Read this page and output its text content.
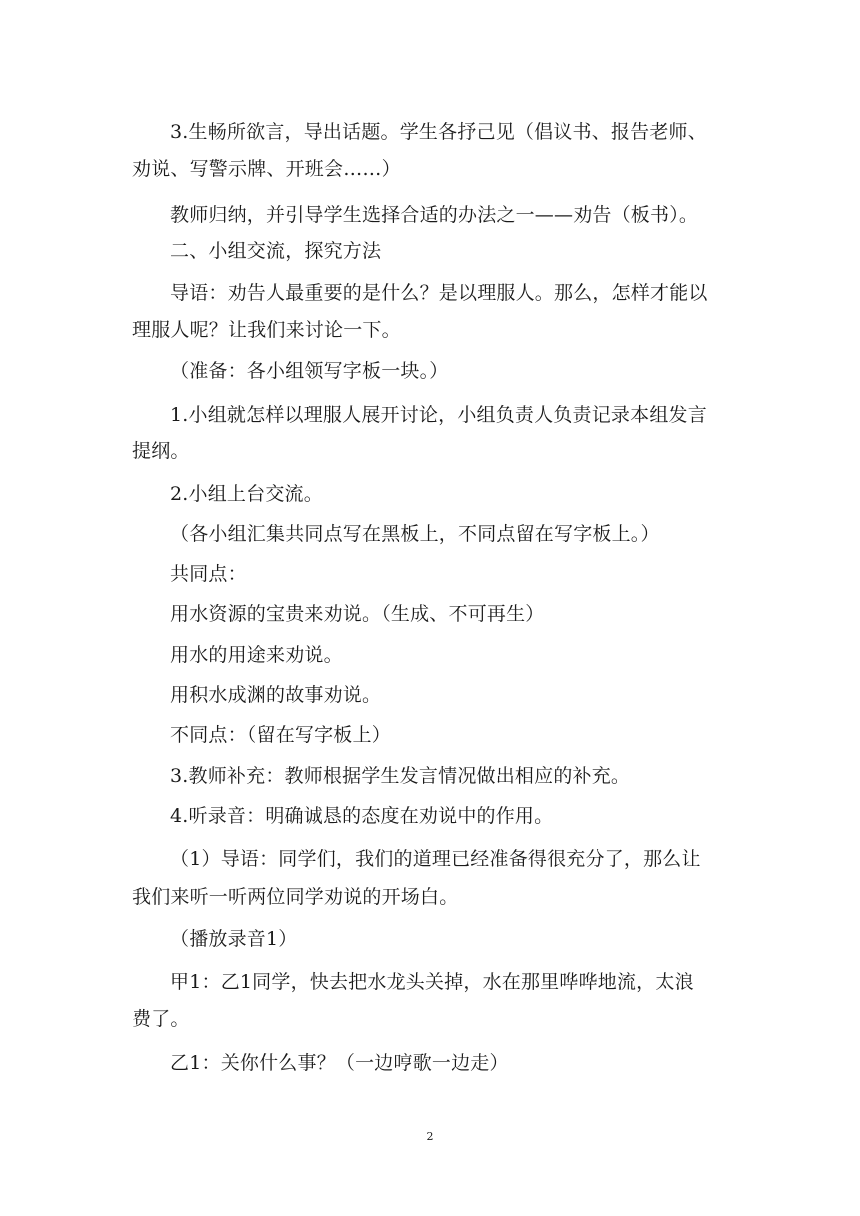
3.生畅所欲言，导出话题。学生各抒己见（倡议书、报告老师、
劝说、写警示牌、开班会……）
教师归纳，并引导学生选择合适的办法之一——劝告（板书）。
二、小组交流，探究方法
导语：劝告人最重要的是什么？是以理服人。那么，怎样才能以
理服人呢？让我们来讨论一下。
（准备：各小组领写字板一块。）
1.小组就怎样以理服人展开讨论，小组负责人负责记录本组发言
提纲。
2.小组上台交流。
（各小组汇集共同点写在黑板上，不同点留在写字板上。）
共同点：
用水资源的宝贵来劝说。（生成、不可再生）
用水的用途来劝说。
用积水成渊的故事劝说。
不同点：（留在写字板上）
3.教师补充：教师根据学生发言情况做出相应的补充。
4.听录音：明确诚恳的态度在劝说中的作用。
（1）导语：同学们，我们的道理已经准备得很充分了，那么让
我们来听一听两位同学劝说的开场白。
（播放录音1）
甲1：乙1同学，快去把水龙头关掉，水在那里哗哗地流，太浪
费了。
乙1：关你什么事？（一边哼歌一边走）
2
